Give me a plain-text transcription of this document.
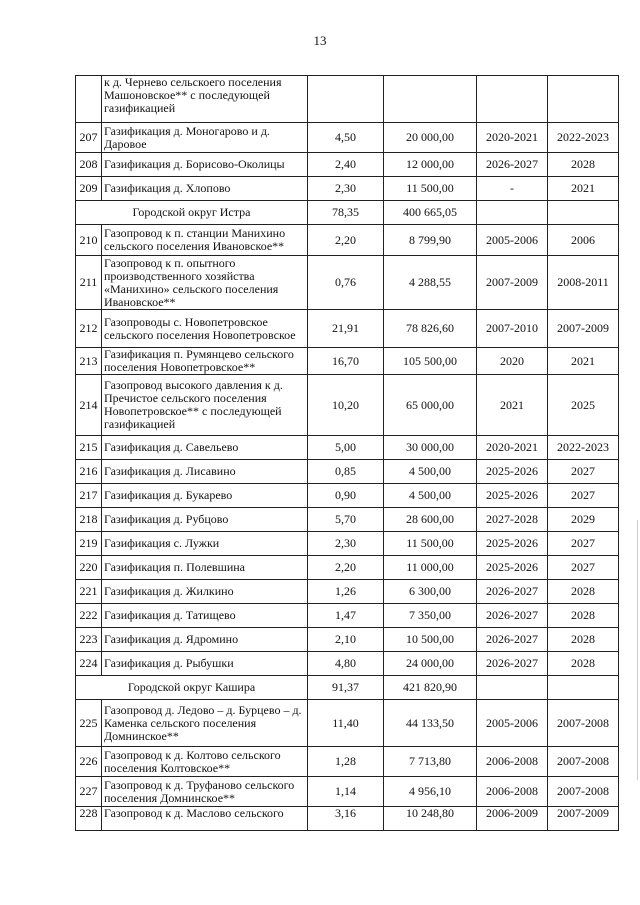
13
	к д. Чернево сельскоего поселения Машоновское** с последующей газификацией				
207	Газификация д. Моногарово и д. Даровое	4,50	20 000,00	2020-2021	2022-2023
208	Газификация д. Борисово-Околицы	2,40	12 000,00	2026-2027	2028
209	Газификация д. Хлопово	2,30	11 500,00	-	2021
Городской округ Истра		78,35	400 665,05		
210	Газопровод к п. станции Манихино сельского поселения Ивановское**	2,20	8 799,90	2005-2006	2006
211	Газопровод к п. опытного производственного хозяйства «Манихино» сельского поселения Ивановское**	0,76	4 288,55	2007-2009	2008-2011
212	Газопроводы с. Новопетровское сельского поселения Новопетровское	21,91	78 826,60	2007-2010	2007-2009
213	Газификация п. Румянцево сельского поселения Новопетровское**	16,70	105 500,00	2020	2021
214	Газопровод высокого давления к д. Пречистое сельского поселения Новопетровское** с последующей газификацией	10,20	65 000,00	2021	2025
215	Газификация д. Савельево	5,00	30 000,00	2020-2021	2022-2023
216	Газификация д. Лисавино	0,85	4 500,00	2025-2026	2027
217	Газификация д. Букарево	0,90	4 500,00	2025-2026	2027
218	Газификация д. Рубцово	5,70	28 600,00	2027-2028	2029
219	Газификация с. Лужки	2,30	11 500,00	2025-2026	2027
220	Газификация п. Полевшина	2,20	11 000,00	2025-2026	2027
221	Газификация д. Жилкино	1,26	6 300,00	2026-2027	2028
222	Газификация д. Татищево	1,47	7 350,00	2026-2027	2028
223	Газификация д. Ядромино	2,10	10 500,00	2026-2027	2028
224	Газификация д. Рыбушки	4,80	24 000,00	2026-2027	2028
Городской округ Кашира		91,37	421 820,90		
225	Газопровод д. Ледово – д. Бурцево – д. Каменка сельского поселения Домнинское**	11,40	44 133,50	2005-2006	2007-2008
226	Газопровод к д. Колтово сельского поселения Колтовское**	1,28	7 713,80	2006-2008	2007-2008
227	Газопровод к д. Труфаново сельского поселения Домнинское**	1,14	4 956,10	2006-2008	2007-2008
228	Газопровод к д. Маслово сельского	3,16	10 248,80	2006-2009	2007-2009
